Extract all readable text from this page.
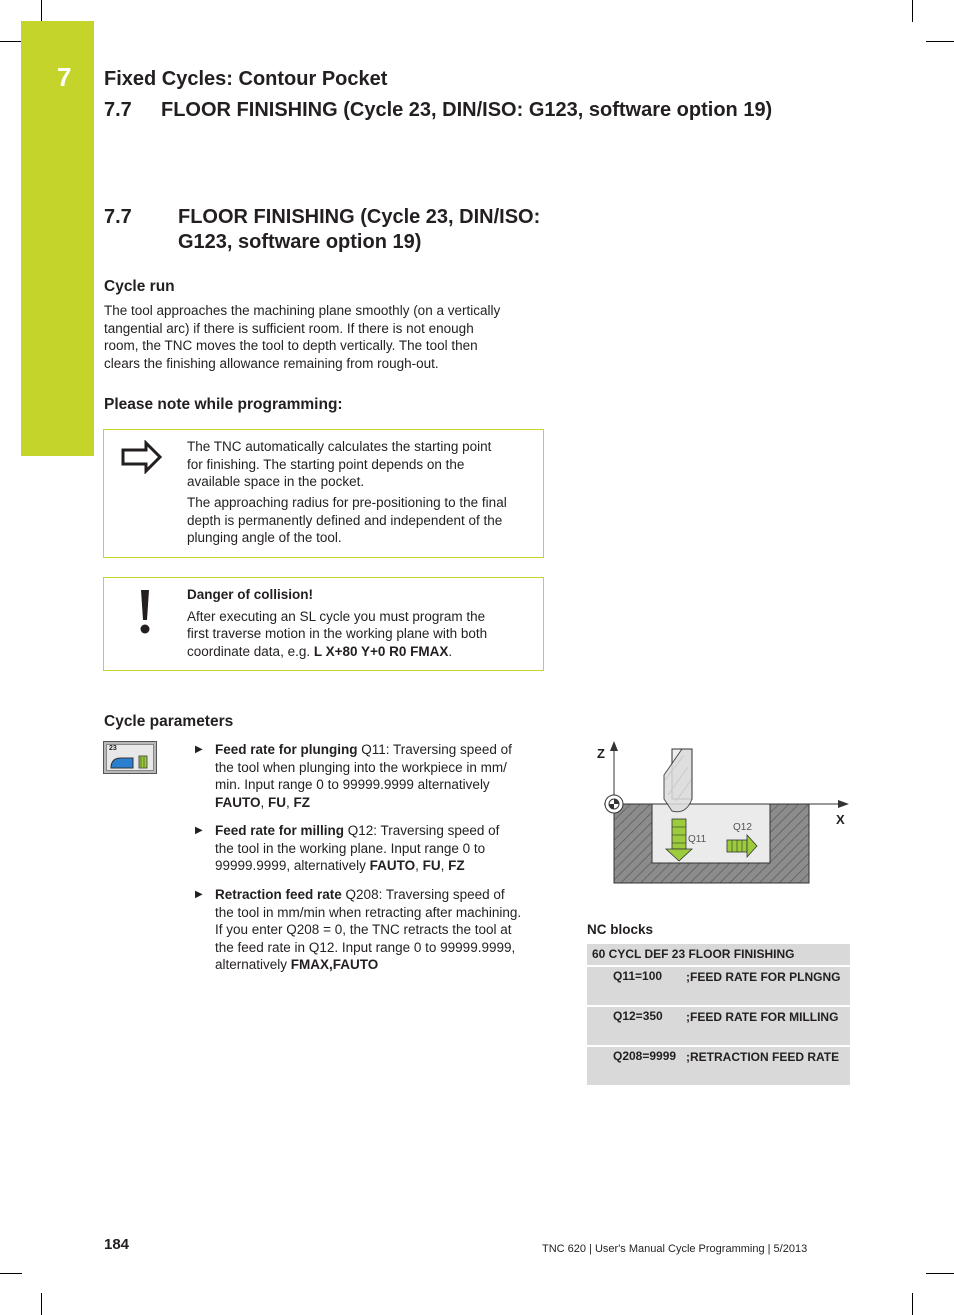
7 Fixed Cycles: Contour Pocket
7.7 FLOOR FINISHING (Cycle 23, DIN/ISO: G123, software option 19)
7.7	FLOOR FINISHING (Cycle 23, DIN/ISO: G123, software option 19)
Cycle run
The tool approaches the machining plane smoothly (on a vertically
tangential arc) if there is sufficient room. If there is not enough
room, the TNC moves the tool to depth vertically. The tool then
clears the finishing allowance remaining from rough-out.
Please note while programming:
The TNC automatically calculates the starting point
for finishing. The starting point depends on the
available space in the pocket.
The approaching radius for pre-positioning to the final
depth is permanently defined and independent of the
plunging angle of the tool.
Danger of collision!
After executing an SL cycle you must program the
first traverse motion in the working plane with both
coordinate data, e.g. L X+80 Y+0 R0 FMAX.
Cycle parameters
23	▶ Feed rate for plunging Q11: Traversing speed of
the tool when plunging into the workpiece in mm/
min. Input range 0 to 99999.9999 alternatively
FAUTO, FU, FZ
▶ Feed rate for milling Q12: Traversing speed of
the tool in the working plane. Input range 0 to
99999.9999, alternatively FAUTO, FU, FZ
▶ Retraction feed rate Q208: Traversing speed of
the tool in mm/min when retracting after machining.
If you enter Q208 = 0, the TNC retracts the tool at
the feed rate in Q12. Input range 0 to 99999.9999,
alternatively FMAX,FAUTO
Z
X
Q11
Q12
NC blocks
60 CYCL DEF 23 FLOOR FINISHING
Q11=100 ;FEED RATE FOR PLNGNG
Q12=350 ;FEED RATE FOR MILLING
Q208=9999 ;RETRACTION FEED RATE
184	TNC 620 | User's Manual Cycle Programming | 5/2013
